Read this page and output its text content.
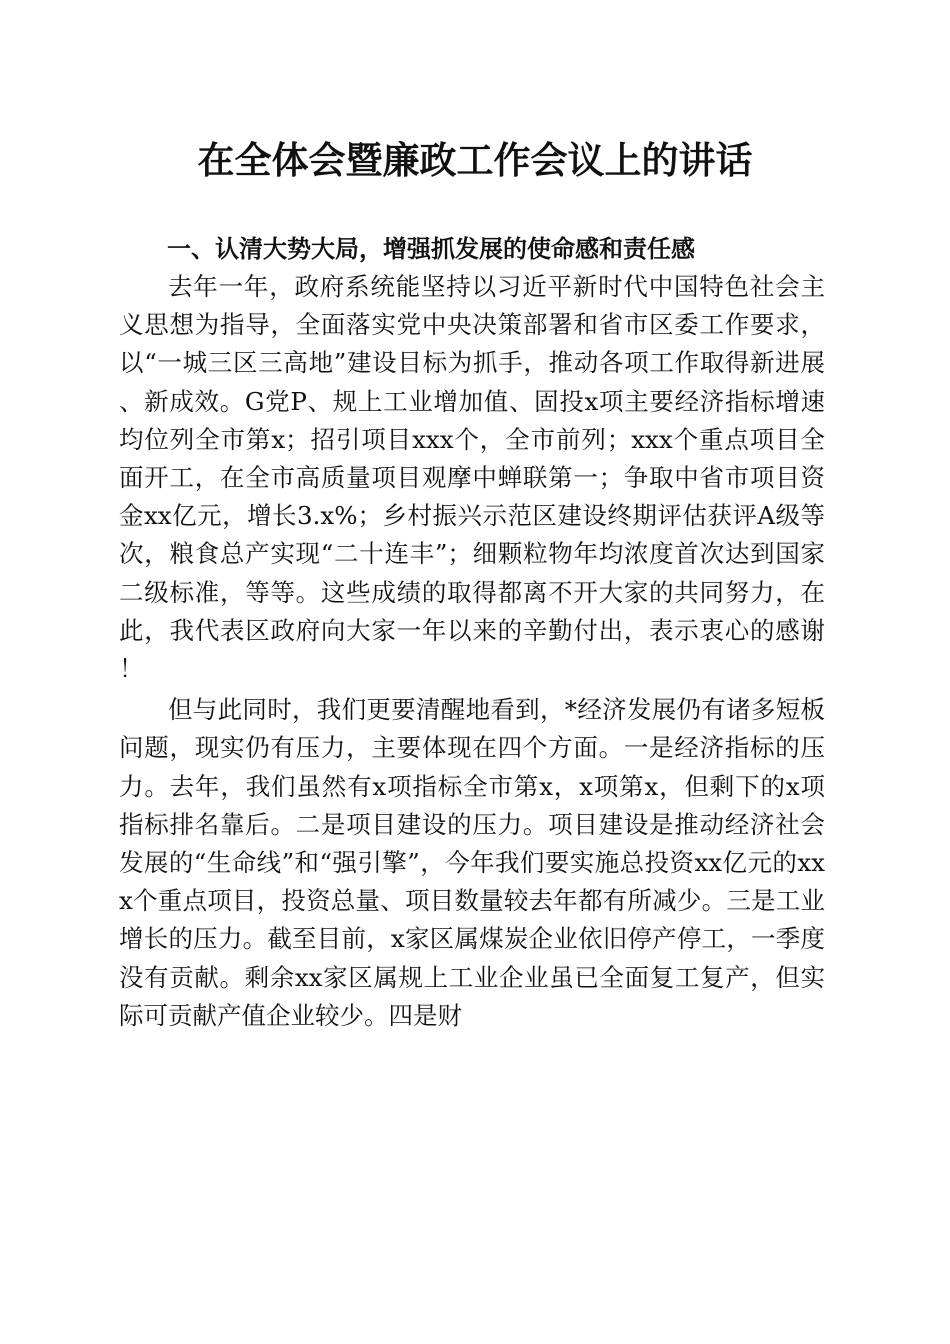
在全体会暨廉政工作会议上的讲话

一、认清大势大局，增强抓发展的使命感和责任感

去年一年，政府系统能坚持以习近平新时代中国特色社会主义思想为指导，全面落实党中央决策部署和省市区委工作要求，以“一城三区三高地”建设目标为抓手，推动各项工作取得新进展、新成效。G党P、规上工业增加值、固投x项主要经济指标增速均位列全市第x；招引项目xxx个，全市前列；xxx个重点项目全面开工，在全市高质量项目观摩中蝉联第一；争取中省市项目资金xx亿元，增长3.x%；乡村振兴示范区建设终期评估获评A级等次，粮食总产实现“二十连丰”；细颗粒物年均浓度首次达到国家二级标准，等等。这些成绩的取得都离不开大家的共同努力，在此，我代表区政府向大家一年以来的辛勤付出，表示衷心的感谢！

但与此同时，我们更要清醒地看到，*经济发展仍有诸多短板问题，现实仍有压力，主要体现在四个方面。一是经济指标的压力。去年，我们虽然有x项指标全市第x，x项第x，但剩下的x项指标排名靠后。二是项目建设的压力。项目建设是推动经济社会发展的“生命线”和“强引擎”，今年我们要实施总投资xx亿元的xxx个重点项目，投资总量、项目数量较去年都有所减少。三是工业增长的压力。截至目前，x家区属煤炭企业依旧停产停工，一季度没有贡献。剩余xx家区属规上工业企业虽已全面复工复产，但实际可贡献产值企业较少。四是财
